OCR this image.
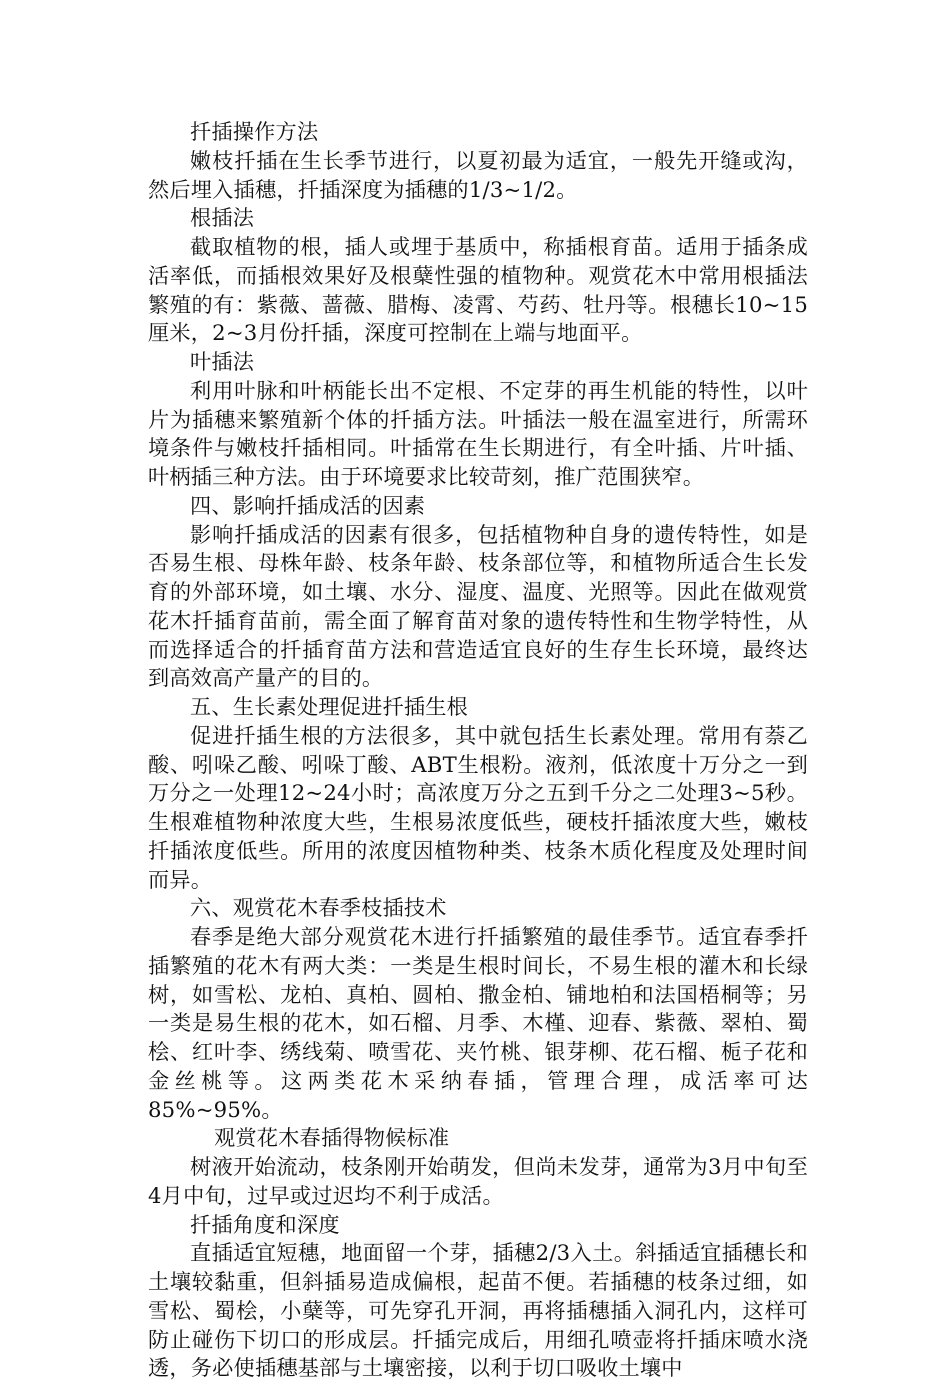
扦插操作方法

嫩枝扦插在生长季节进行，以夏初最为适宜，一般先开缝或沟，然后埋入插穗，扦插深度为插穗的1/3~1/2。

根插法

截取植物的根，插人或埋于基质中，称插根育苗。适用于插条成活率低，而插根效果好及根蘖性强的植物种。观赏花木中常用根插法繁殖的有：紫薇、蔷薇、腊梅、凌霄、芍药、牡丹等。根穗长10~15厘米，2~3月份扦插，深度可控制在上端与地面平。

叶插法

利用叶脉和叶柄能长出不定根、不定芽的再生机能的特性，以叶片为插穗来繁殖新个体的扦插方法。叶插法一般在温室进行，所需环境条件与嫩枝扦插相同。叶插常在生长期进行，有全叶插、片叶插、叶柄插三种方法。由于环境要求比较苛刻，推广范围狭窄。

四、影响扦插成活的因素

影响扦插成活的因素有很多，包括植物种自身的遗传特性，如是否易生根、母株年龄、枝条年龄、枝条部位等，和植物所适合生长发育的外部环境，如土壤、水分、湿度、温度、光照等。因此在做观赏花木扦插育苗前，需全面了解育苗对象的遗传特性和生物学特性，从而选择适合的扦插育苗方法和营造适宜良好的生存生长环境，最终达到高效高产量产的目的。

五、生长素处理促进扦插生根

促进扦插生根的方法很多，其中就包括生长素处理。常用有萘乙酸、吲哚乙酸、吲哚丁酸、ABT生根粉。液剂，低浓度十万分之一到万分之一处理12~24小时；高浓度万分之五到千分之二处理3~5秒。生根难植物种浓度大些，生根易浓度低些，硬枝扦插浓度大些，嫩枝扦插浓度低些。所用的浓度因植物种类、枝条木质化程度及处理时间而异。

六、观赏花木春季枝插技术

春季是绝大部分观赏花木进行扦插繁殖的最佳季节。适宜春季扦插繁殖的花木有两大类：一类是生根时间长，不易生根的灌木和长绿树，如雪松、龙柏、真柏、圆柏、撒金柏、铺地柏和法国梧桐等；另一类是易生根的花木，如石榴、月季、木槿、迎春、紫薇、翠柏、蜀桧、红叶李、绣线菊、喷雪花、夹竹桃、银芽柳、花石榴、栀子花和金丝桃等。这两类花木采纳春插，管理合理，成活率可达85%~95%。

观赏花木春插得物候标准

树液开始流动，枝条刚开始萌发，但尚未发芽，通常为3月中旬至4月中旬，过早或过迟均不利于成活。

扦插角度和深度

直插适宜短穗，地面留一个芽，插穗2/3入土。斜插适宜插穗长和土壤较黏重，但斜插易造成偏根，起苗不便。若插穗的枝条过细，如雪松、蜀桧，小蘖等，可先穿孔开洞，再将插穗插入洞孔内，这样可防止碰伤下切口的形成层。扦插完成后，用细孔喷壶将扦插床喷水浇透，务必使插穗基部与土壤密接，以利于切口吸收土壤中
